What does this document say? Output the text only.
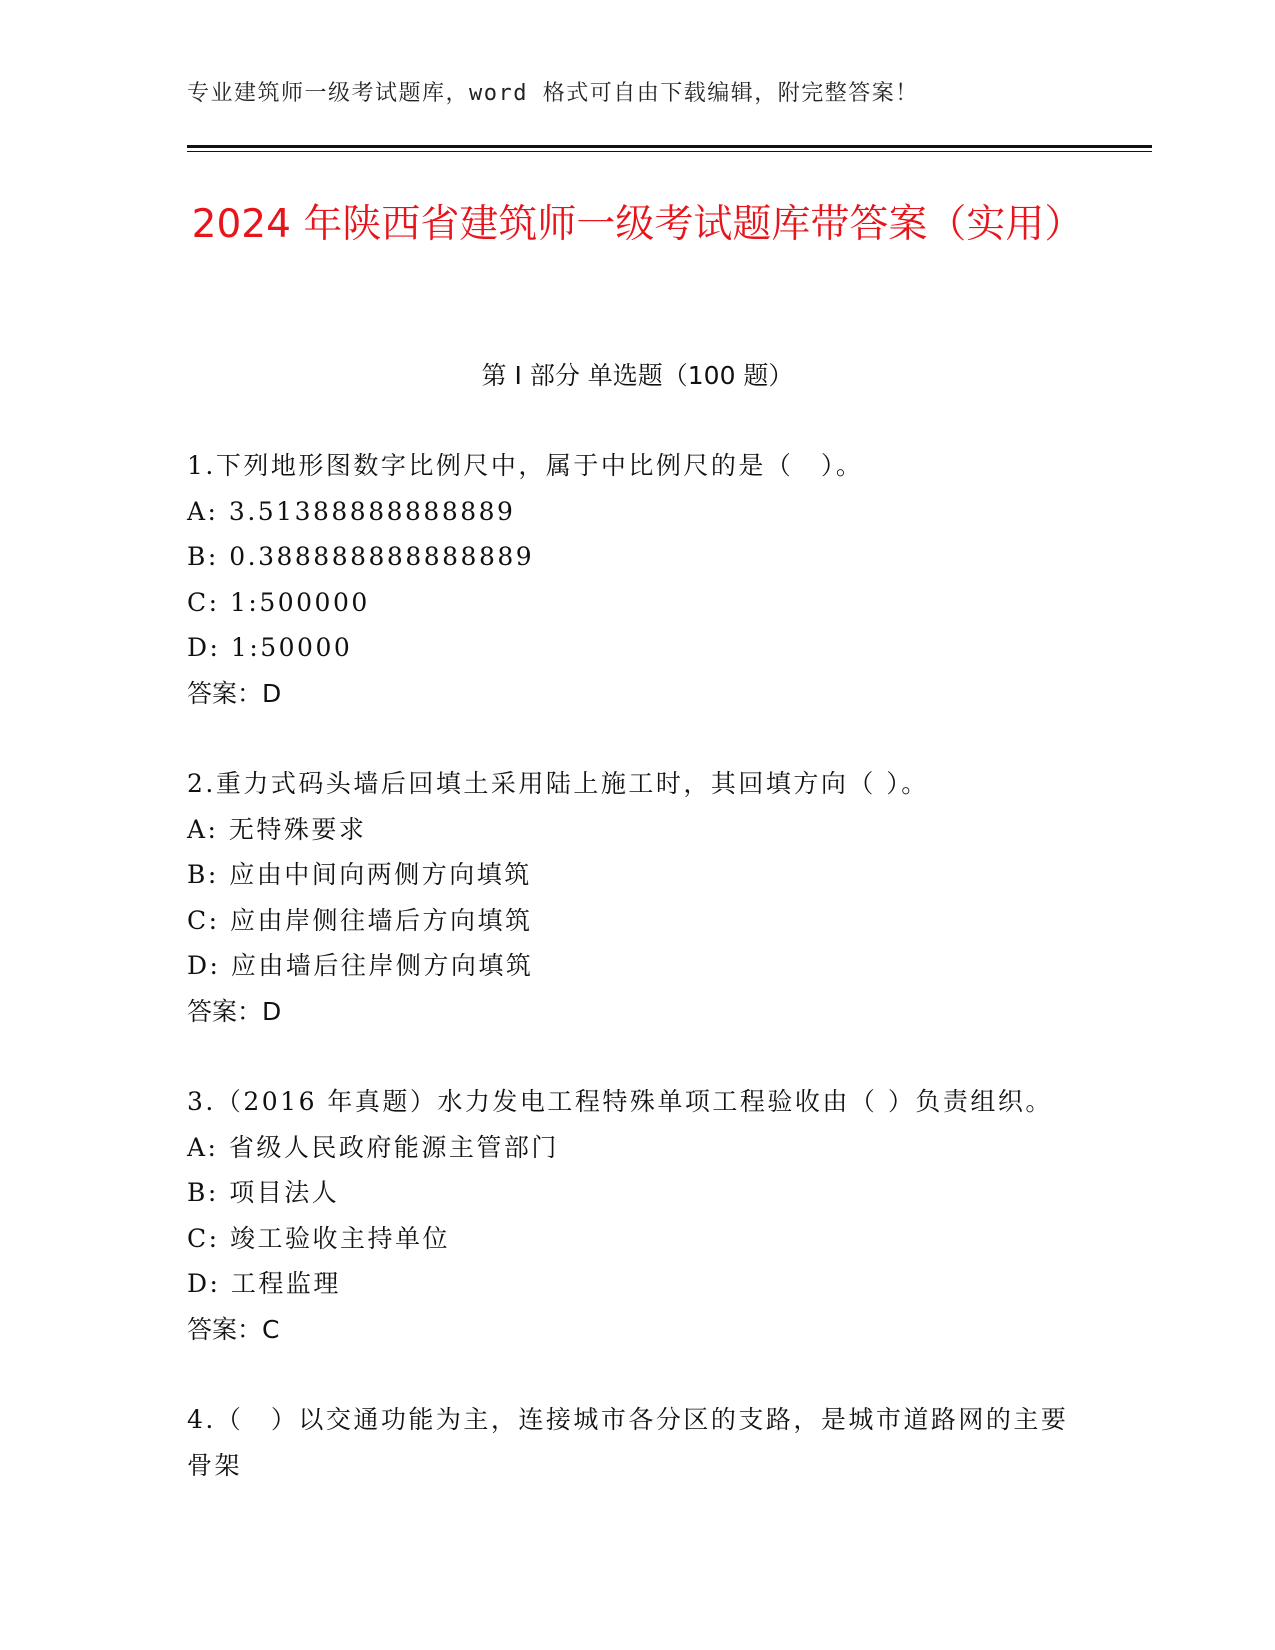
专业建筑师一级考试题库，word 格式可自由下载编辑，附完整答案！
2024 年陕西省建筑师一级考试题库带答案（实用）
第 I 部分 单选题（100 题）
1.下列地形图数字比例尺中，属于中比例尺的是（　）。
A: 3.51388888888889
B: 0.388888888888889
C: 1:500000
D: 1:50000
答案：D
2.重力式码头墙后回填土采用陆上施工时，其回填方向（ ）。
A: 无特殊要求
B: 应由中间向两侧方向填筑
C: 应由岸侧往墙后方向填筑
D: 应由墙后往岸侧方向填筑
答案：D
3.（2016 年真题）水力发电工程特殊单项工程验收由（ ）负责组织。
A: 省级人民政府能源主管部门
B: 项目法人
C: 竣工验收主持单位
D: 工程监理
答案：C
4.（　）以交通功能为主，连接城市各分区的支路，是城市道路网的主要骨架
